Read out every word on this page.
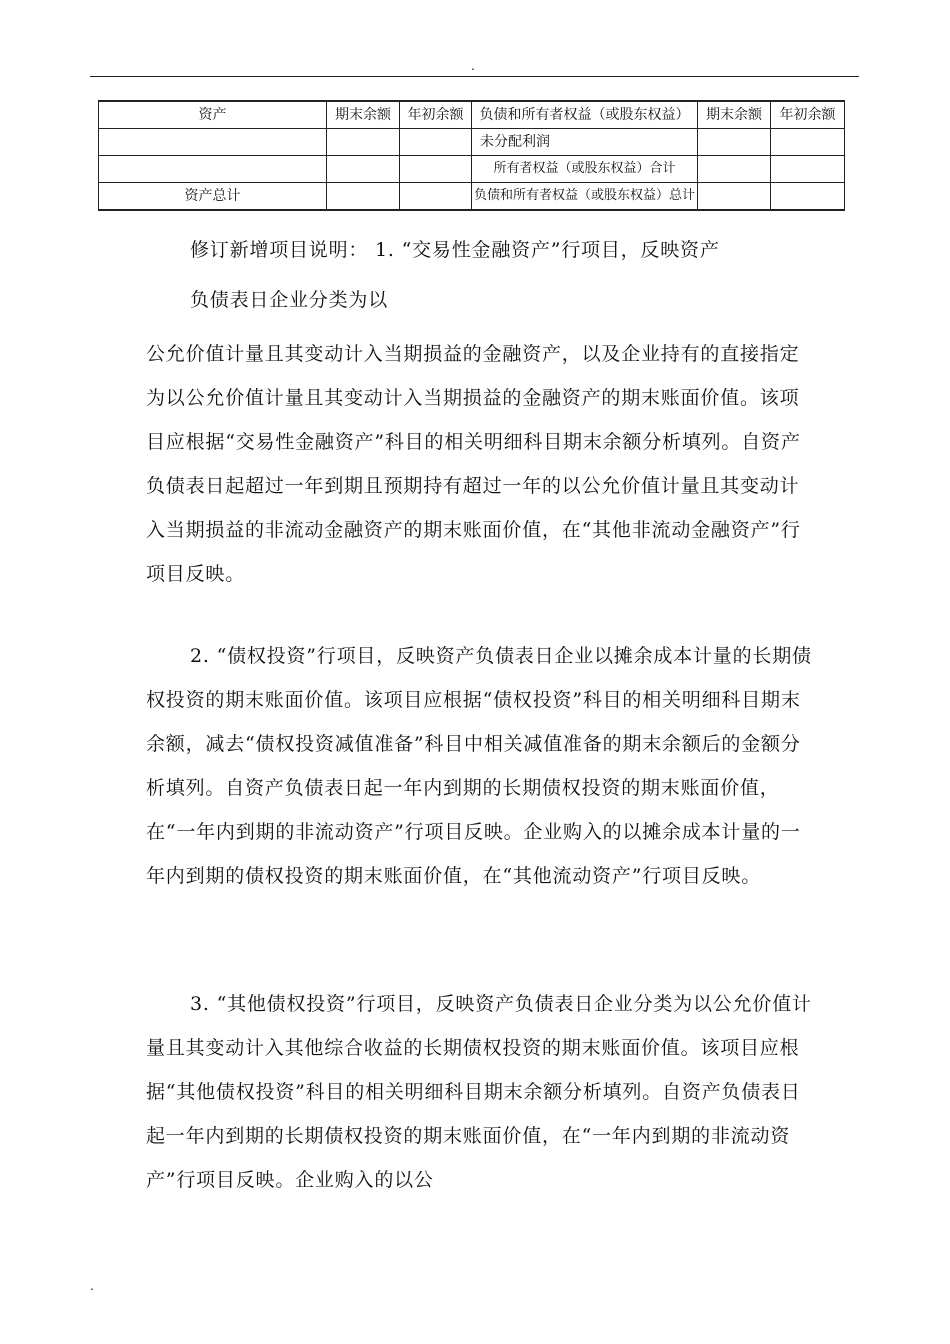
.
资产	期末余额	年初余额	负债和所有者权益（或股东权益）	期末余额	年初余额
			未分配利润		
			所有者权益（或股东权益）合计		
资产总计			负债和所有者权益（或股东权益）总计		

修订新增项目说明： 1. “交易性金融资产”行项目，反映资产

负债表日企业分类为以

公允价值计量且其变动计入当期损益的金融资产，以及企业持有的直接指定为以公允价值计量且其变动计入当期损益的金融资产的期末账面价值。该项目应根据“交易性金融资产”科目的相关明细科目期末余额分析填列。自资产负债表日起超过一年到期且预期持有超过一年的以公允价值计量且其变动计入当期损益的非流动金融资产的期末账面价值，在“其他非流动金融资产”行项目反映。

2. “债权投资”行项目，反映资产负债表日企业以摊余成本计量的长期债权投资的期末账面价值。该项目应根据“债权投资”科目的相关明细科目期末余额，减去“债权投资减值准备”科目中相关减值准备的期末余额后的金额分析填列。自资产负债表日起一年内到期的长期债权投资的期末账面价值，在“一年内到期的非流动资产”行项目反映。企业购入的以摊余成本计量的一年内到期的债权投资的期末账面价值，在“其他流动资产”行项目反映。

3. “其他债权投资”行项目，反映资产负债表日企业分类为以公允价值计量且其变动计入其他综合收益的长期债权投资的期末账面价值。该项目应根据“其他债权投资”科目的相关明细科目期末余额分析填列。自资产负债表日起一年内到期的长期债权投资的期末账面价值，在“一年内到期的非流动资产”行项目反映。企业购入的以公

.
